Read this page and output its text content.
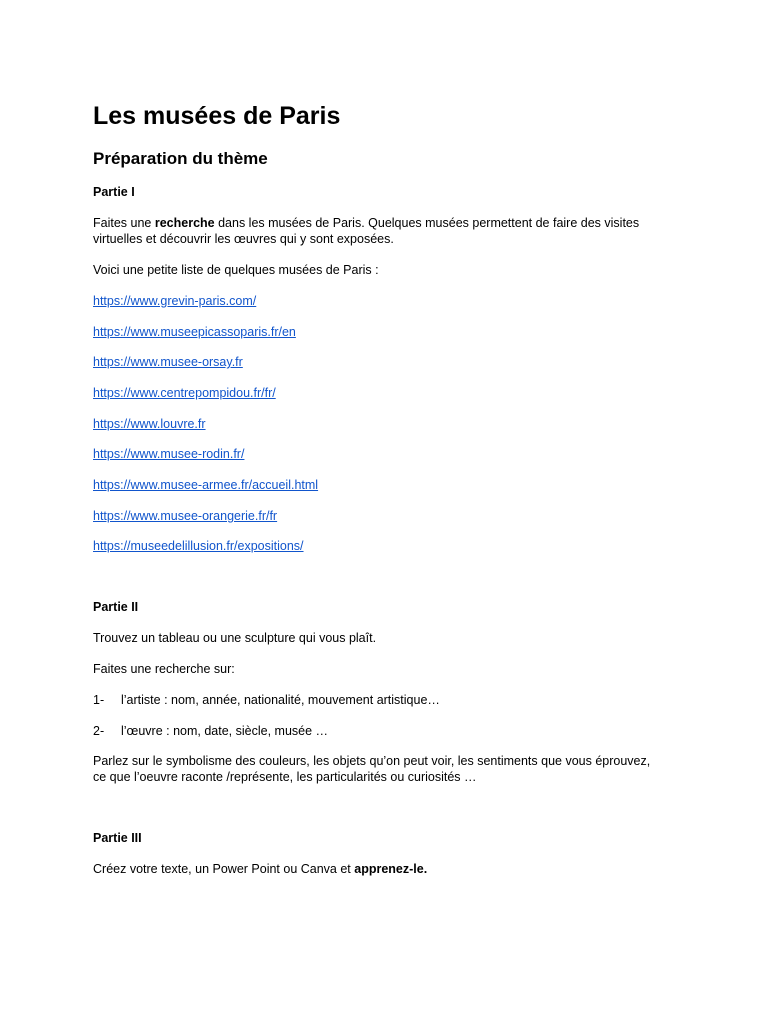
Les musées de Paris
Préparation du thème
Partie I
Faites une recherche dans les musées de Paris. Quelques musées permettent de faire des visites
virtuelles et découvrir les œuvres qui y sont exposées.
Voici une petite liste de quelques musées de Paris :
https://www.grevin-paris.com/
https://www.museepicassoparis.fr/en
https://www.musee-orsay.fr
https://www.centrepompidou.fr/fr/
https://www.louvre.fr
https://www.musee-rodin.fr/
https://www.musee-armee.fr/accueil.html
https://www.musee-orangerie.fr/fr
https://museedelillusion.fr/expositions/
Partie II
Trouvez un tableau ou une sculpture qui vous plaît.
Faites une recherche sur:
1- l’artiste : nom, année, nationalité, mouvement artistique…
2- l’œuvre : nom, date, siècle, musée …
Parlez sur le symbolisme des couleurs, les objets qu’on peut voir, les sentiments que vous éprouvez,
ce que l’oeuvre raconte /représente, les particularités ou curiosités …
Partie III
Créez votre texte, un Power Point ou Canva et apprenez-le.
